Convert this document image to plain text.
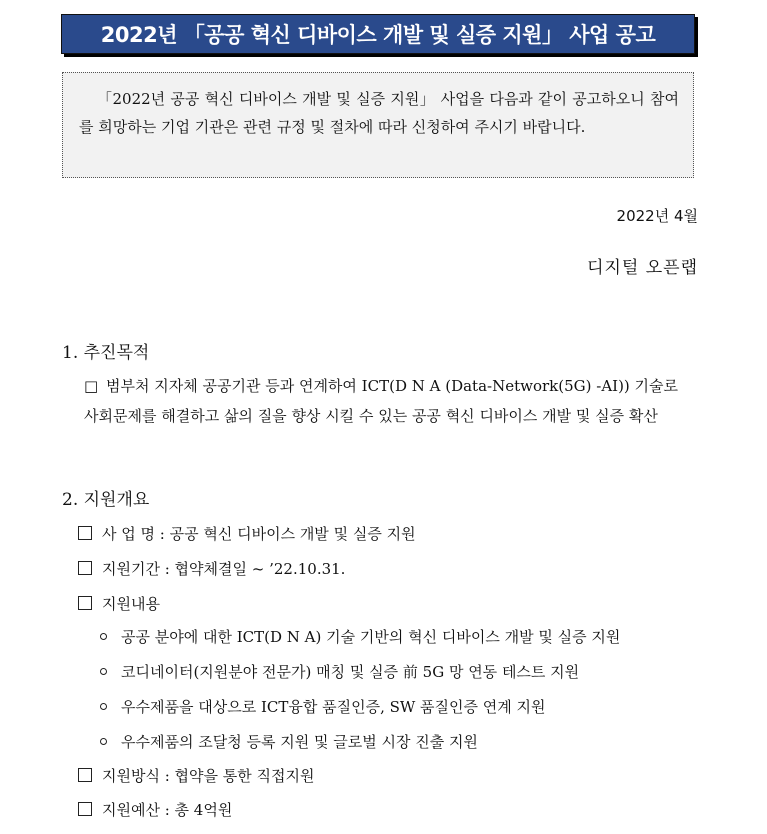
2022년 「공공 혁신 디바이스 개발 및 실증 지원」 사업 공고

「2022년 공공 혁신 디바이스 개발 및 실증 지원」 사업을 다음과 같이 공고하오니 참여를 희망하는 기업 기관은 관련 규정 및 절차에 따라 신청하여 주시기 바랍니다.

2022년 4월
디지털 오픈랩
1. 추진목적
□ 범부처 지자체 공공기관 등과 연계하여 ICT(D N A (Data-Network(5G) -AI)) 기술로 사회문제를 해결하고 삶의 질을 향상 시킬 수 있는 공공 혁신 디바이스 개발 및 실증 확산
2. 지원개요
사 업 명 : 공공 혁신 디바이스 개발 및 실증 지원
지원기간 : 협약체결일 ~ ’22.10.31.
지원내용
공공 분야에 대한 ICT(D N A) 기술 기반의 혁신 디바이스 개발 및 실증 지원
코디네이터(지원분야 전문가) 매칭 및 실증 前 5G 망 연동 테스트 지원
우수제품을 대상으로 ICT융합 품질인증, SW 품질인증 연계 지원
우수제품의 조달청 등록 지원 및 글로벌 시장 진출 지원
지원방식 : 협약을 통한 직접지원
지원예산 : 총 4억원
